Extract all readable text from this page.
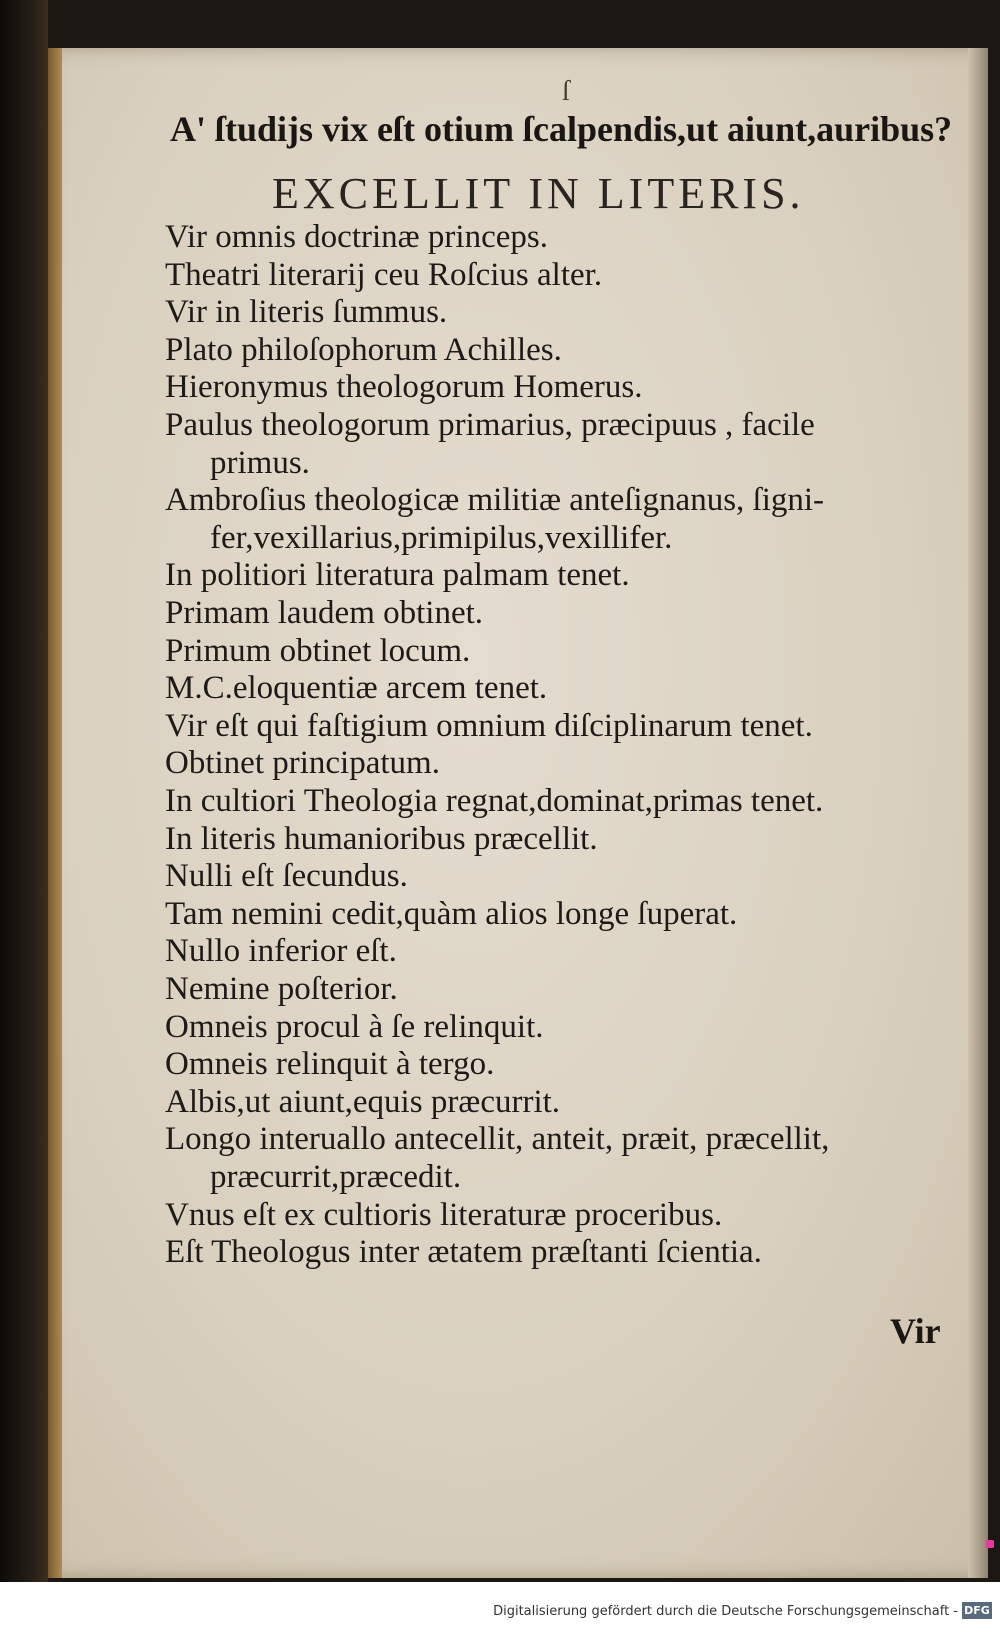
ſ
A' ſtudijs vix eſt otium ſcalpendis,ut aiunt,auribus?
EXCELLIT IN LITERIS.
Vir omnis doctrinæ princeps.
Theatri literarij ceu Roſcius alter.
Vir in literis ſummus.
Plato philoſophorum Achilles.
Hieronymus theologorum Homerus.
Paulus theologorum primarius, præcipuus , facile
primus.
Ambroſius theologicæ militiæ anteſignanus, ſigni-
fer,vexillarius,primipilus,vexillifer.
In politiori literatura palmam tenet.
Primam laudem obtinet.
Primum obtinet locum.
M.C.eloquentiæ arcem tenet.
Vir eſt qui faſtigium omnium diſciplinarum tenet.
Obtinet principatum.
In cultiori Theologia regnat,dominat,primas tenet.
In literis humanioribus præcellit.
Nulli eſt ſecundus.
Tam nemini cedit,quàm alios longe ſuperat.
Nullo inferior eſt.
Nemine poſterior.
Omneis procul à ſe relinquit.
Omneis relinquit à tergo.
Albis,ut aiunt,equis præcurrit.
Longo interuallo antecellit, anteit, præit, præcellit,
præcurrit,præcedit.
Vnus eſt ex cultioris literaturæ proceribus.
Eſt Theologus inter ætatem præſtanti ſcientia.
Vir
Digitalisierung gefördert durch die Deutsche Forschungsgemeinschaft - DFG
